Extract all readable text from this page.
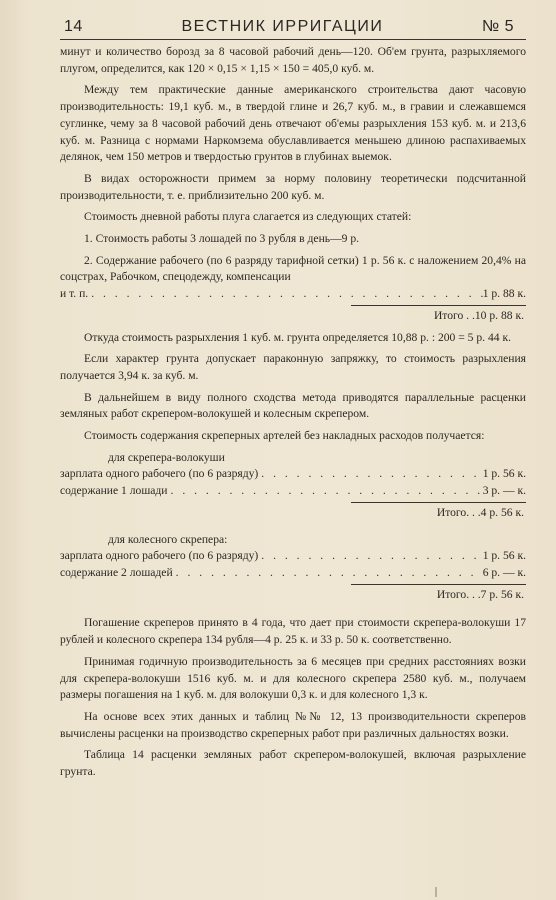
14	ВЕСТНИК ИРРИГАЦИИ	№ 5

минут и количество борозд за 8 часовой рабочий день—120. Об'ем грунта, разрыхляемого плугом, определится, как 120 × 0,15 × 1,15 × 150 = 405,0 куб. м.

Между тем практические данные американского строительства дают часовую производительность: 19,1 куб. м., в твердой глине и 26,7 куб. м., в гравии и слежавшемся суглинке, чему за 8 часовой рабочий день отвечают об'емы разрыхления 153 куб. м. и 213,6 куб. м. Разница с нормами Наркомзема обуславливается меньшею длиною распахиваемых делянок, чем 150 метров и твердостью грунтов в глубинах выемок.

В видах осторожности примем за норму половину теоретически подсчитанной производительности, т. е. приблизительно 200 куб. м.

Стоимость дневной работы плуга слагается из следующих статей:

1. Стоимость работы 3 лошадей по 3 рубля в день—9 р.

2. Содержание рабочего (по 6 разряду тарифной сетки) 1 р. 56 к. с наложением 20,4% на соцстрах, Рабочком, спецодежду, компенсации

и т. п. . . .	1 р. 88 к.
Итого . .10 р. 88 к.

Откуда стоимость разрыхления 1 куб. м. грунта определяется 10,88 р. : 200 = 5 р. 44 к.

Если характер грунта допускает параконную запряжку, то стоимость разрыхления получается 3,94 к. за куб. м.

В дальнейшем в виду полного сходства метода приводятся параллельные расценки земляных работ скрепером-волокушей и колесным скрепером.

Стоимость содержания скреперных артелей без накладных расходов получается:

для скрепера-волокуши

зарплата одного рабочего (по 6 разряду) . . .	1 р. 56 к.
содержание 1 лошади . . .	3 р. — к.
Итого. . .4 р. 56 к.

для колесного скрепера:

зарплата одного рабочего (по 6 разряду) . . .	1 р. 56 к.
содержание 2 лошадей . . .	6 р. — к.
Итого. . .7 р. 56 к.

Погашение скреперов принято в 4 года, что дает при стоимости скрепера-волокуши 17 рублей и колесного скрепера 134 рубля—4 р. 25 к. и 33 р. 50 к. соответственно.

Принимая годичную производительность за 6 месяцев при средних расстояниях возки для скрепера-волокуши 1516 куб. м. и для колесного скрепера 2580 куб. м., получаем размеры погашения на 1 куб. м. для волокуши 0,3 к. и для колесного 1,3 к.

На основе всех этих данных и таблиц №№ 12, 13 производительности скреперов вычислены расценки на производство скреперных работ при различных дальностях возки.

Таблица 14 расценки земляных работ скрепером-волокушей, включая разрыхление грунта.
